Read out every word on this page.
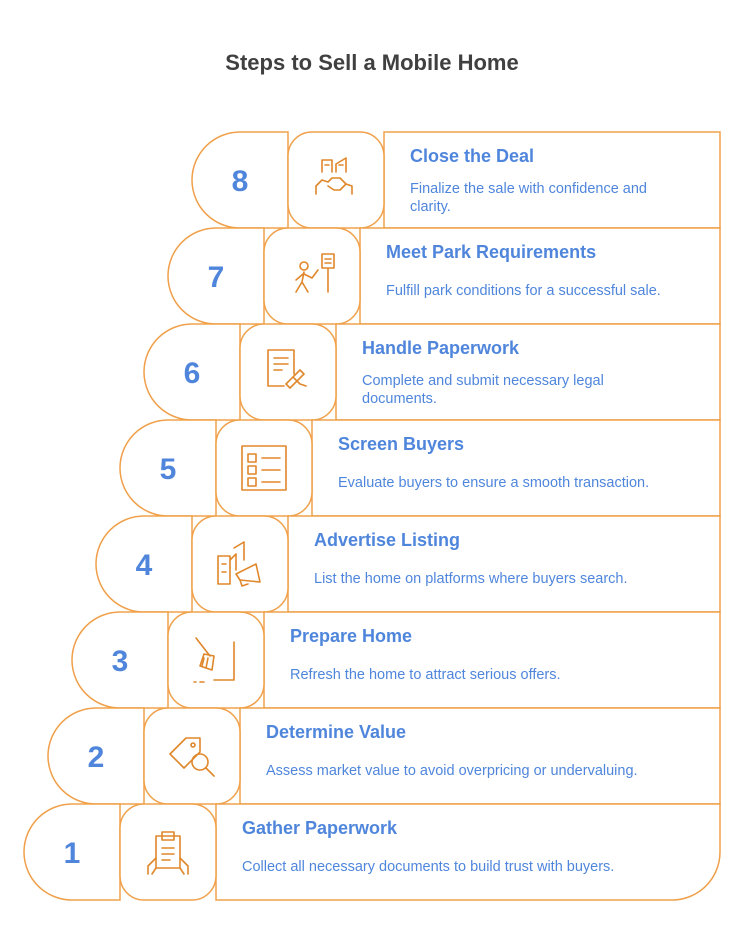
Steps to Sell a Mobile Home
8
Close the Deal
Finalize the sale with confidence and
clarity.
7
Meet Park Requirements
Fulfill park conditions for a successful sale.
6
Handle Paperwork
Complete and submit necessary legal
documents.
5
Screen Buyers
Evaluate buyers to ensure a smooth transaction.
4
Advertise Listing
List the home on platforms where buyers search.
3
Prepare Home
Refresh the home to attract serious offers.
2
Determine Value
Assess market value to avoid overpricing or undervaluing.
1
Gather Paperwork
Collect all necessary documents to build trust with buyers.
